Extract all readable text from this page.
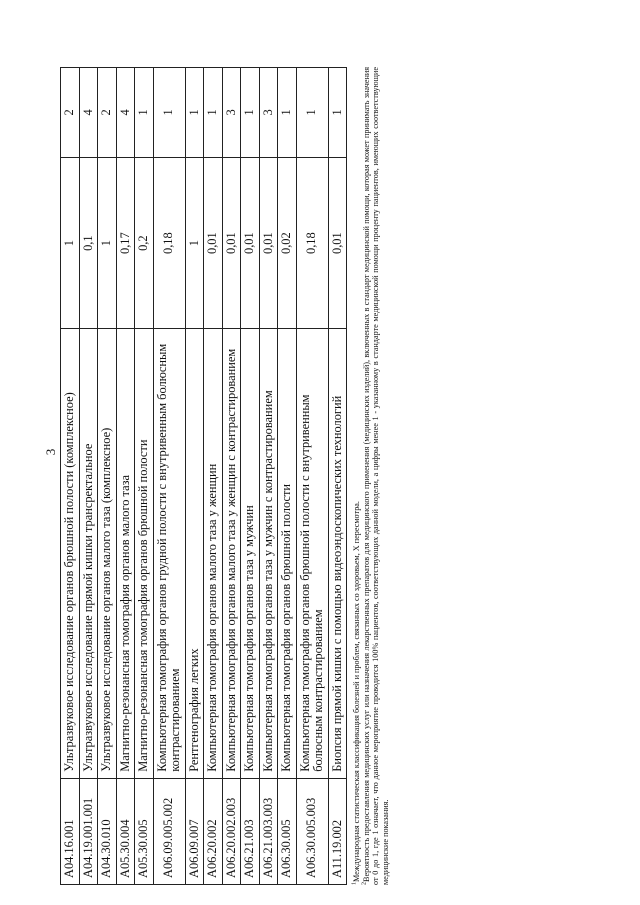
3
A04.16.001	Ультразвуковое исследование органов брюшной полости (комплексное)	1	2
A04.19.001.001	Ультразвуковое исследование прямой кишки трансректальное	0,1	4
A04.30.010	Ультразвуковое исследование органов малого таза (комплексное)	1	2
A05.30.004	Магнитно-резонансная томография органов малого таза	0,17	4
A05.30.005	Магнитно-резонансная томография органов брюшной полости	0,2	1
A06.09.005.002	Компьютерная томография органов грудной полости с внутривенным болюсным контрастированием	0,18	1
A06.09.007	Рентгенография легких	1	1
A06.20.002	Компьютерная томография органов малого таза у женщин	0,01	1
A06.20.002.003	Компьютерная томография органов малого таза у женщин с контрастированием	0,01	3
A06.21.003	Компьютерная томография органов таза у мужчин	0,01	1
A06.21.003.003	Компьютерная томография органов таза у мужчин с контрастированием	0,01	3
A06.30.005	Компьютерная томография органов брюшной полости	0,02	1
A06.30.005.003	Компьютерная томография органов брюшной полости с внутривенным болюсным контрастированием	0,18	1
A11.19.002	Биопсия прямой кишки с помощью видеоэндоскопических технологий	0,01	1

$^1$Международная статистическая классификация болезней и проблем, связанных со здоровьем, X пересмотра.

$^2$Вероятность предоставления медицинских услуг или назначения лекарственных препаратов для медицинского применения (медицинских изделий), включенных в стандарт медицинской помощи, которая может принимать значения от 0 до 1, где 1 означает, что данное мероприятие проводится 100% пациентов, соответствующих данной модели, а цифры менее 1 - указанному в стандарте медицинской помощи проценту пациентов, имеющих соответствующие медицинские показания.
